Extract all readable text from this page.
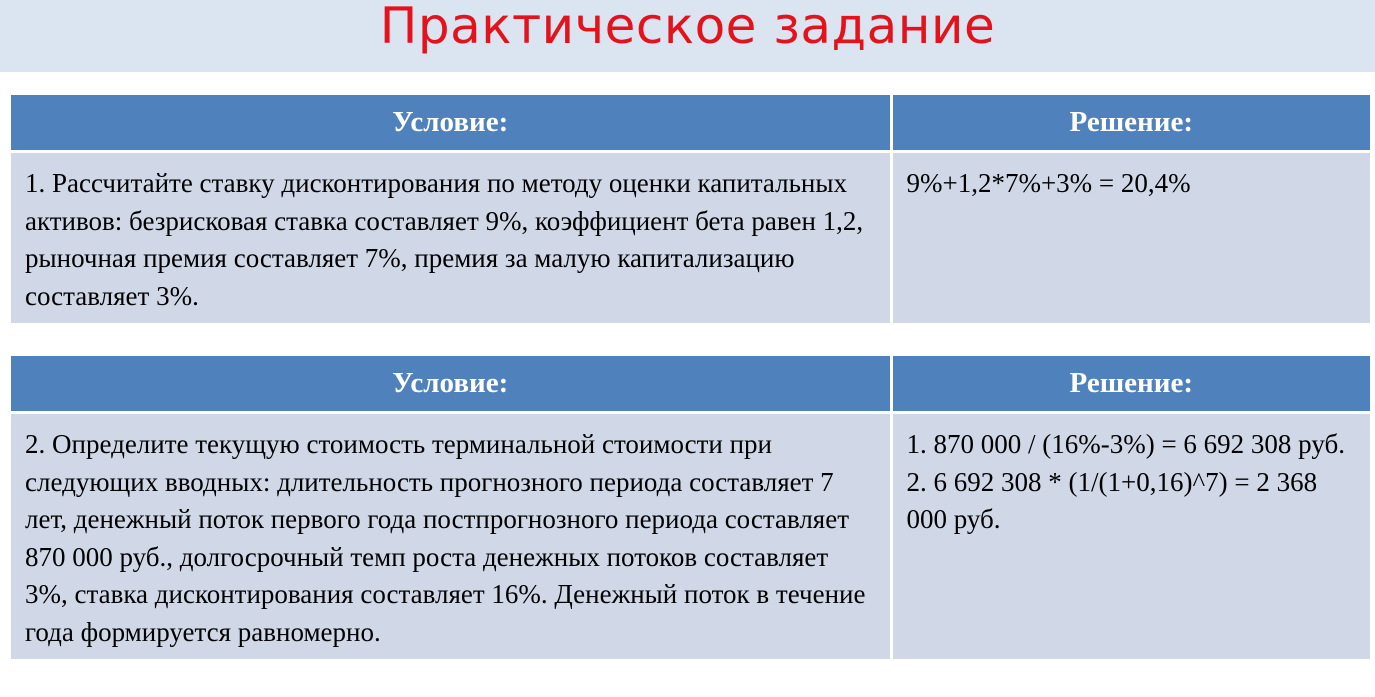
Практическое задание
Условие:	Решение:
1. Рассчитайте ставку дисконтирования по методу оценки капитальных активов: безрисковая ставка составляет 9%, коэффициент бета равен 1,2, рыночная премия составляет 7%, премия за малую капитализацию составляет 3%.	9%+1,2*7%+3% = 20,4%
Условие:	Решение:
2. Определите текущую стоимость терминальной стоимости при следующих вводных: длительность прогнозного периода составляет 7 лет, денежный поток первого года постпрогнозного периода составляет 870 000 руб., долгосрочный темп роста денежных потоков составляет 3%, ставка дисконтирования составляет 16%. Денежный поток в течение года формируется равномерно.	1. 870 000 / (16%-3%) = 6 692 308 руб.
2. 6 692 308 * (1/(1+0,16)^7) = 2 368 000 руб.
